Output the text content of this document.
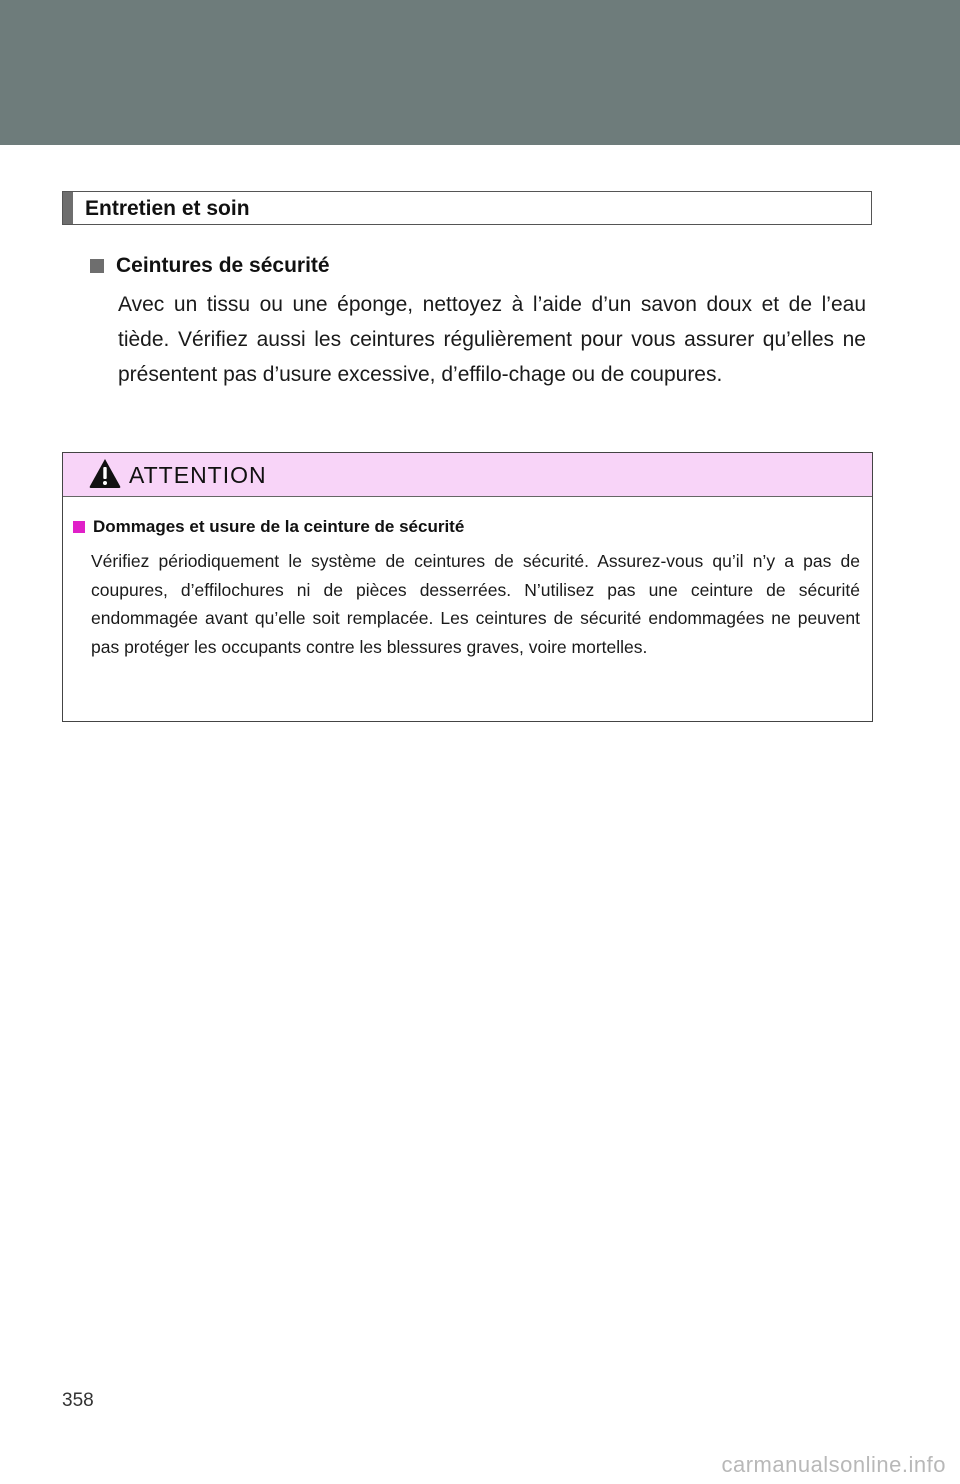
Entretien et soin
Ceintures de sécurité
Avec un tissu ou une éponge, nettoyez à l’aide d’un savon doux et de l’eau tiède. Vérifiez aussi les ceintures régulièrement pour vous assurer qu’elles ne présentent pas d’usure excessive, d’effilo-chage ou de coupures.
ATTENTION
Dommages et usure de la ceinture de sécurité
Vérifiez périodiquement le système de ceintures de sécurité. Assurez-vous qu’il n’y a pas de coupures, d’effilochures ni de pièces desserrées. N’utilisez pas une ceinture de sécurité endommagée avant qu’elle soit remplacée. Les ceintures de sécurité endommagées ne peuvent pas protéger les occupants contre les blessures graves, voire mortelles.
358
carmanualsonline.info
